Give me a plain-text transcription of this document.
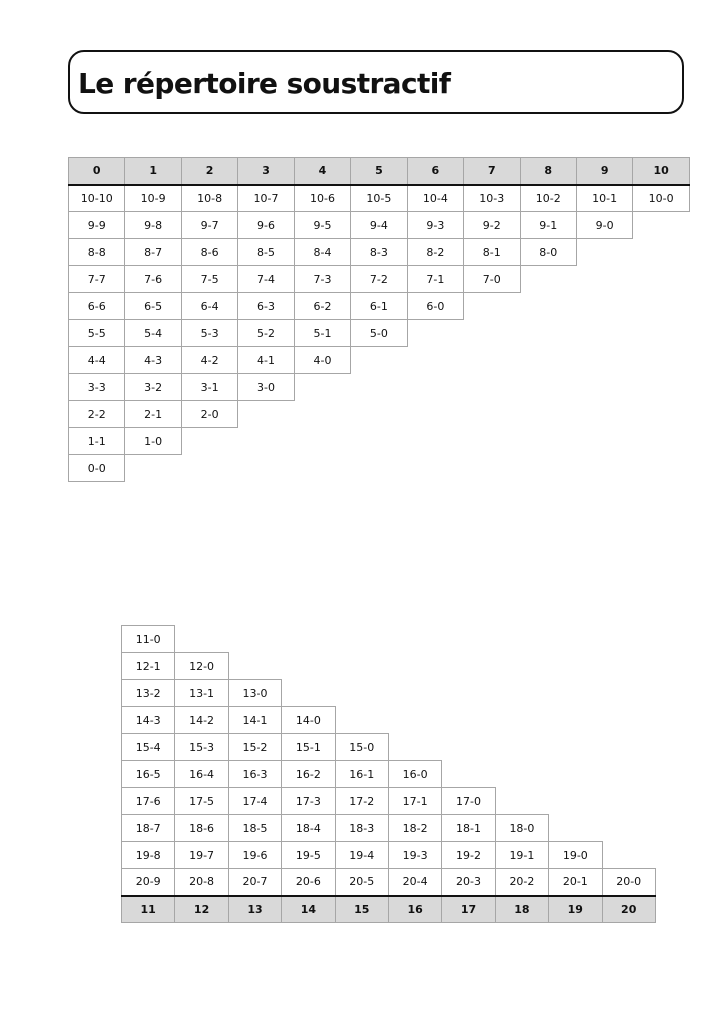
Le répertoire soustractif
0	1	2	3	4	5	6	7	8	9	10
10-10	10-9	10-8	10-7	10-6	10-5	10-4	10-3	10-2	10-1	10-0
9-9	9-8	9-7	9-6	9-5	9-4	9-3	9-2	9-1	9-0	
8-8	8-7	8-6	8-5	8-4	8-3	8-2	8-1	8-0		
7-7	7-6	7-5	7-4	7-3	7-2	7-1	7-0			
6-6	6-5	6-4	6-3	6-2	6-1	6-0				
5-5	5-4	5-3	5-2	5-1	5-0					
4-4	4-3	4-2	4-1	4-0						
3-3	3-2	3-1	3-0							
2-2	2-1	2-0								
1-1	1-0									
0-0										
11-0									
12-1	12-0								
13-2	13-1	13-0							
14-3	14-2	14-1	14-0						
15-4	15-3	15-2	15-1	15-0					
16-5	16-4	16-3	16-2	16-1	16-0				
17-6	17-5	17-4	17-3	17-2	17-1	17-0			
18-7	18-6	18-5	18-4	18-3	18-2	18-1	18-0		
19-8	19-7	19-6	19-5	19-4	19-3	19-2	19-1	19-0	
20-9	20-8	20-7	20-6	20-5	20-4	20-3	20-2	20-1	20-0
11	12	13	14	15	16	17	18	19	20
